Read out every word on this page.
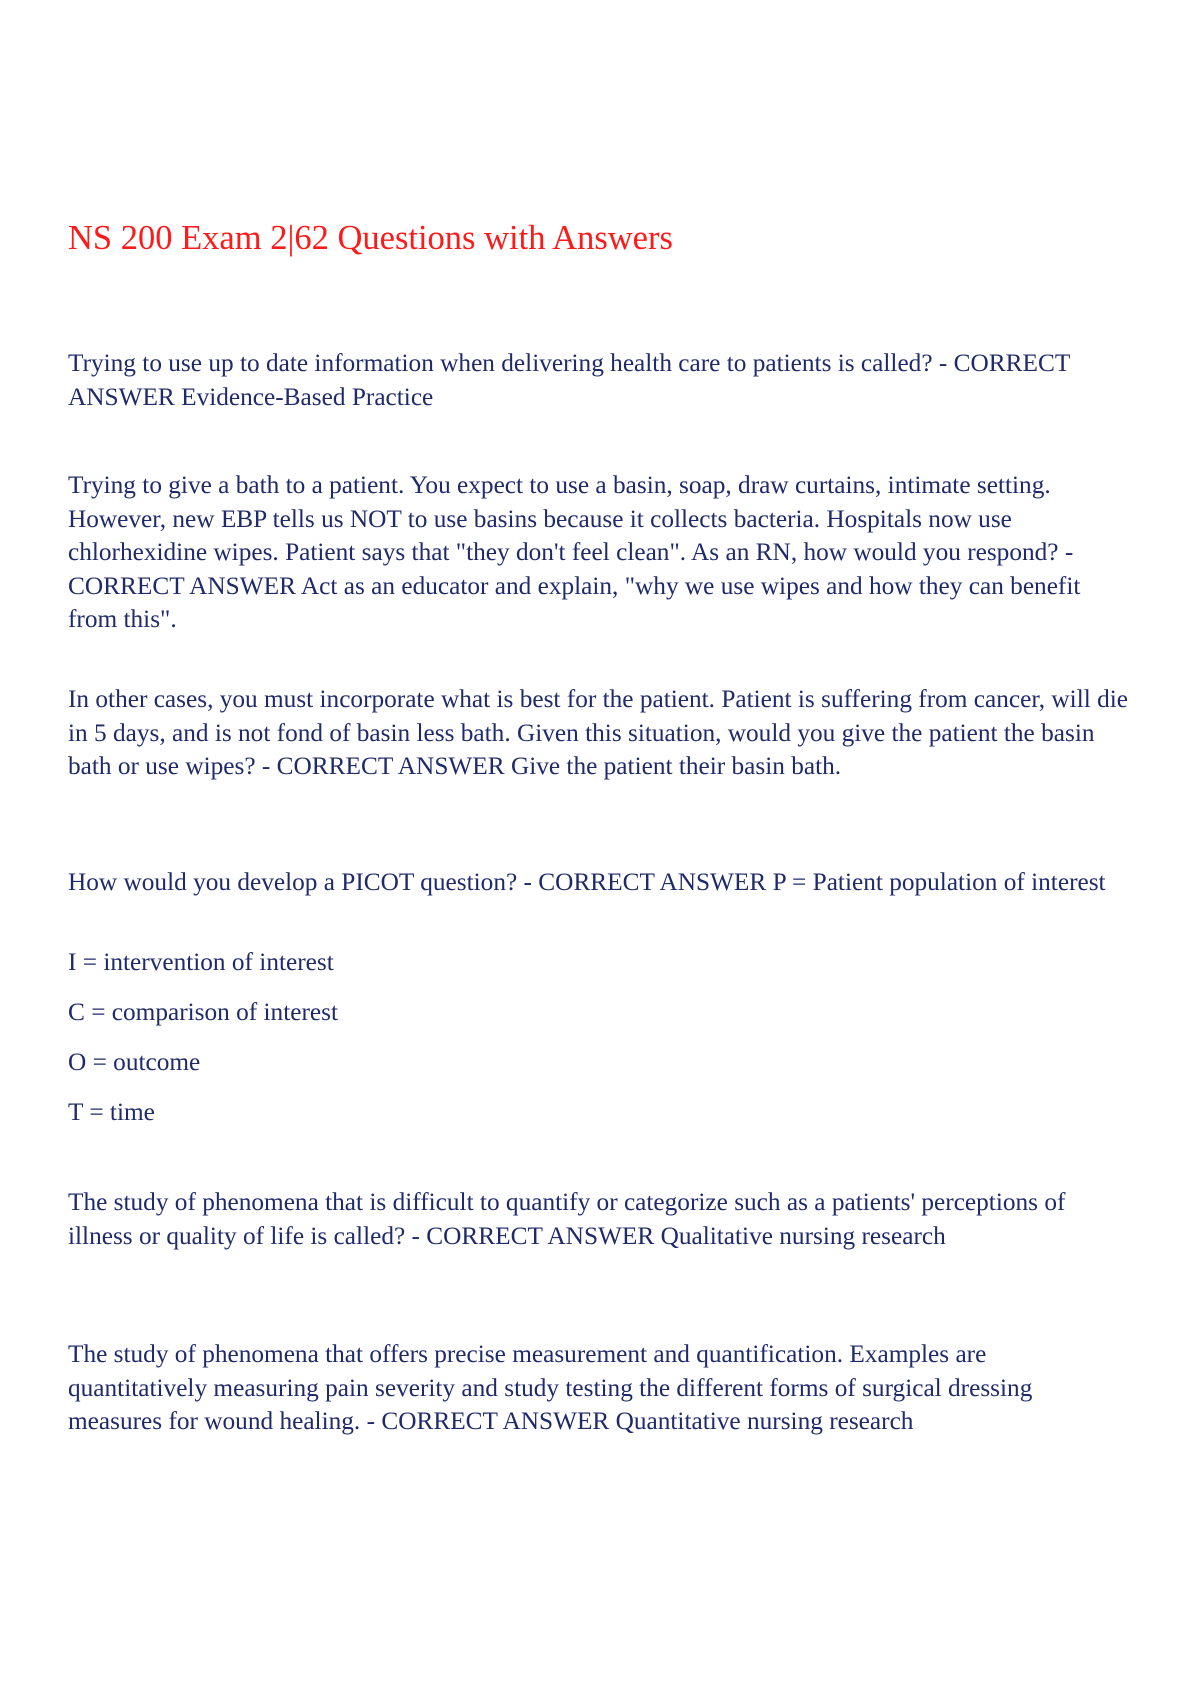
NS 200 Exam 2|62 Questions with Answers

Trying to use up to date information when delivering health care to patients is called? - CORRECT ANSWER Evidence-Based Practice

Trying to give a bath to a patient. You expect to use a basin, soap, draw curtains, intimate setting. However, new EBP tells us NOT to use basins because it collects bacteria. Hospitals now use chlorhexidine wipes. Patient says that "they don't feel clean". As an RN, how would you respond? - CORRECT ANSWER Act as an educator and explain, "why we use wipes and how they can benefit from this".

In other cases, you must incorporate what is best for the patient. Patient is suffering from cancer, will die in 5 days, and is not fond of basin less bath. Given this situation, would you give the patient the basin bath or use wipes? - CORRECT ANSWER Give the patient their basin bath.

How would you develop a PICOT question? - CORRECT ANSWER P = Patient population of interest

I = intervention of interest

C = comparison of interest

O = outcome

T = time

The study of phenomena that is difficult to quantify or categorize such as a patients' perceptions of illness or quality of life is called? - CORRECT ANSWER Qualitative nursing research

The study of phenomena that offers precise measurement and quantification. Examples are quantitatively measuring pain severity and study testing the different forms of surgical dressing measures for wound healing. - CORRECT ANSWER Quantitative nursing research
